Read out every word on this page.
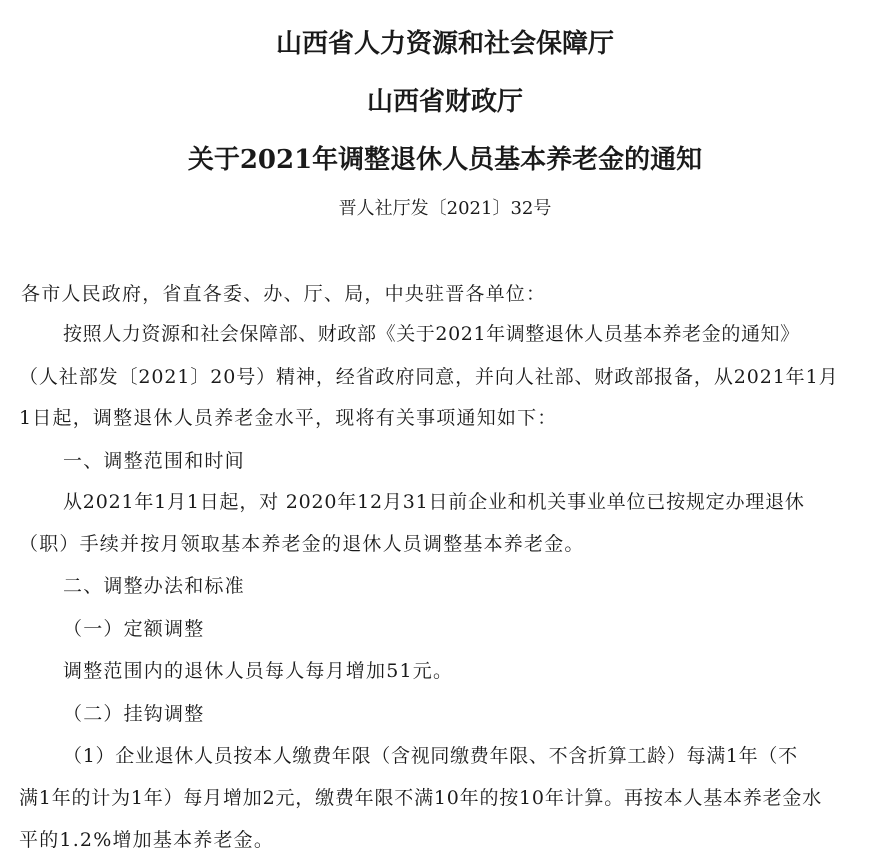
山西省人力资源和社会保障厅
山西省财政厅
关于2021年调整退休人员基本养老金的通知
晋人社厅发〔2021〕32号
各市人民政府，省直各委、办、厅、局，中央驻晋各单位：
按照人力资源和社会保障部、财政部《关于2021年调整退休人员基本养老金的通知》
（人社部发〔2021〕20号）精神，经省政府同意，并向人社部、财政部报备，从2021年1月
1日起，调整退休人员养老金水平，现将有关事项通知如下：
一、调整范围和时间
从2021年1月1日起，对 2020年12月31日前企业和机关事业单位已按规定办理退休
（职）手续并按月领取基本养老金的退休人员调整基本养老金。
二、调整办法和标准
（一）定额调整
调整范围内的退休人员每人每月增加51元。
（二）挂钩调整
（1）企业退休人员按本人缴费年限（含视同缴费年限、不含折算工龄）每满1年（不
满1年的计为1年）每月增加2元，缴费年限不满10年的按10年计算。再按本人基本养老金水
平的1.2%增加基本养老金。
